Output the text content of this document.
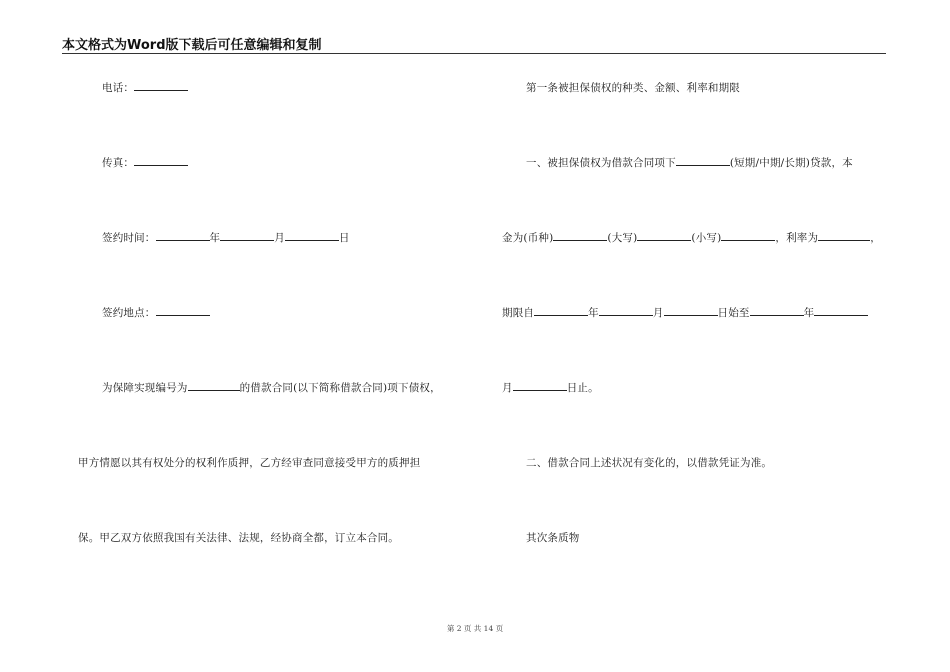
本文格式为Word版下载后可任意编辑和复制
电话：
传真：
签约时间：	年	月	日
签约地点：
为保障实现编号为	的借款合同(以下简称借款合同)项下债权，
甲方情愿以其有权处分的权利作质押，乙方经审查同意接受甲方的质押担
保。甲乙双方依照我国有关法律、法规，经协商全都，订立本合同。
第一条被担保债权的种类、金额、利率和期限
一、被担保债权为借款合同项下	(短期/中期/长期)贷款，本
金为(币种)	(大写)	(小写)	，利率为	，
期限自	年	月	日始至	年
月	日止。
二、借款合同上述状况有变化的，以借款凭证为准。
其次条质物
第 2 页 共 14 页
